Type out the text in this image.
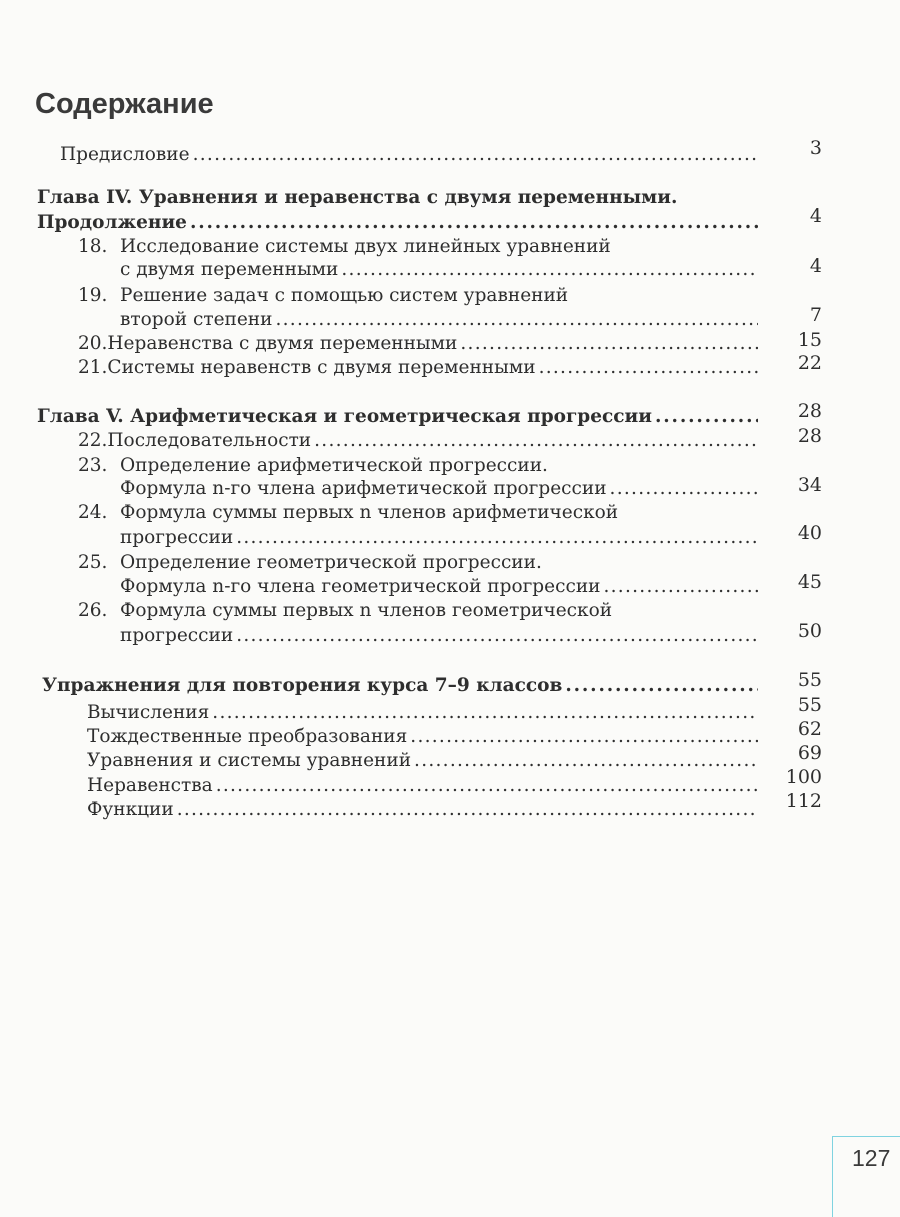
Содержание
Предисловие . . .	3
Глава IV. Уравнения и неравенства с двумя переменными.
Продолжение . . .	4
18. Исследование системы двух линейных уравнений
с двумя переменными . . .	4
19. Решение задач с помощью систем уравнений
второй степени . . .	7
20. Неравенства с двумя переменными . . .	15
21. Системы неравенств с двумя переменными . . .	22
Глава V. Арифметическая и геометрическая прогрессии . . .	28
22. Последовательности . . .	28
23. Определение арифметической прогрессии.
Формула n-го члена арифметической прогрессии . . .	34
24. Формула суммы первых n членов арифметической
прогрессии . . .	40
25. Определение геометрической прогрессии.
Формула n-го члена геометрической прогрессии . . .	45
26. Формула суммы первых n членов геометрической
прогрессии . . .	50
Упражнения для повторения курса 7–9 классов . . .	55
Вычисления . . .	55
Тождественные преобразования . . .	62
Уравнения и системы уравнений . . .	69
Неравенства . . .	100
Функции . . .	112
127
